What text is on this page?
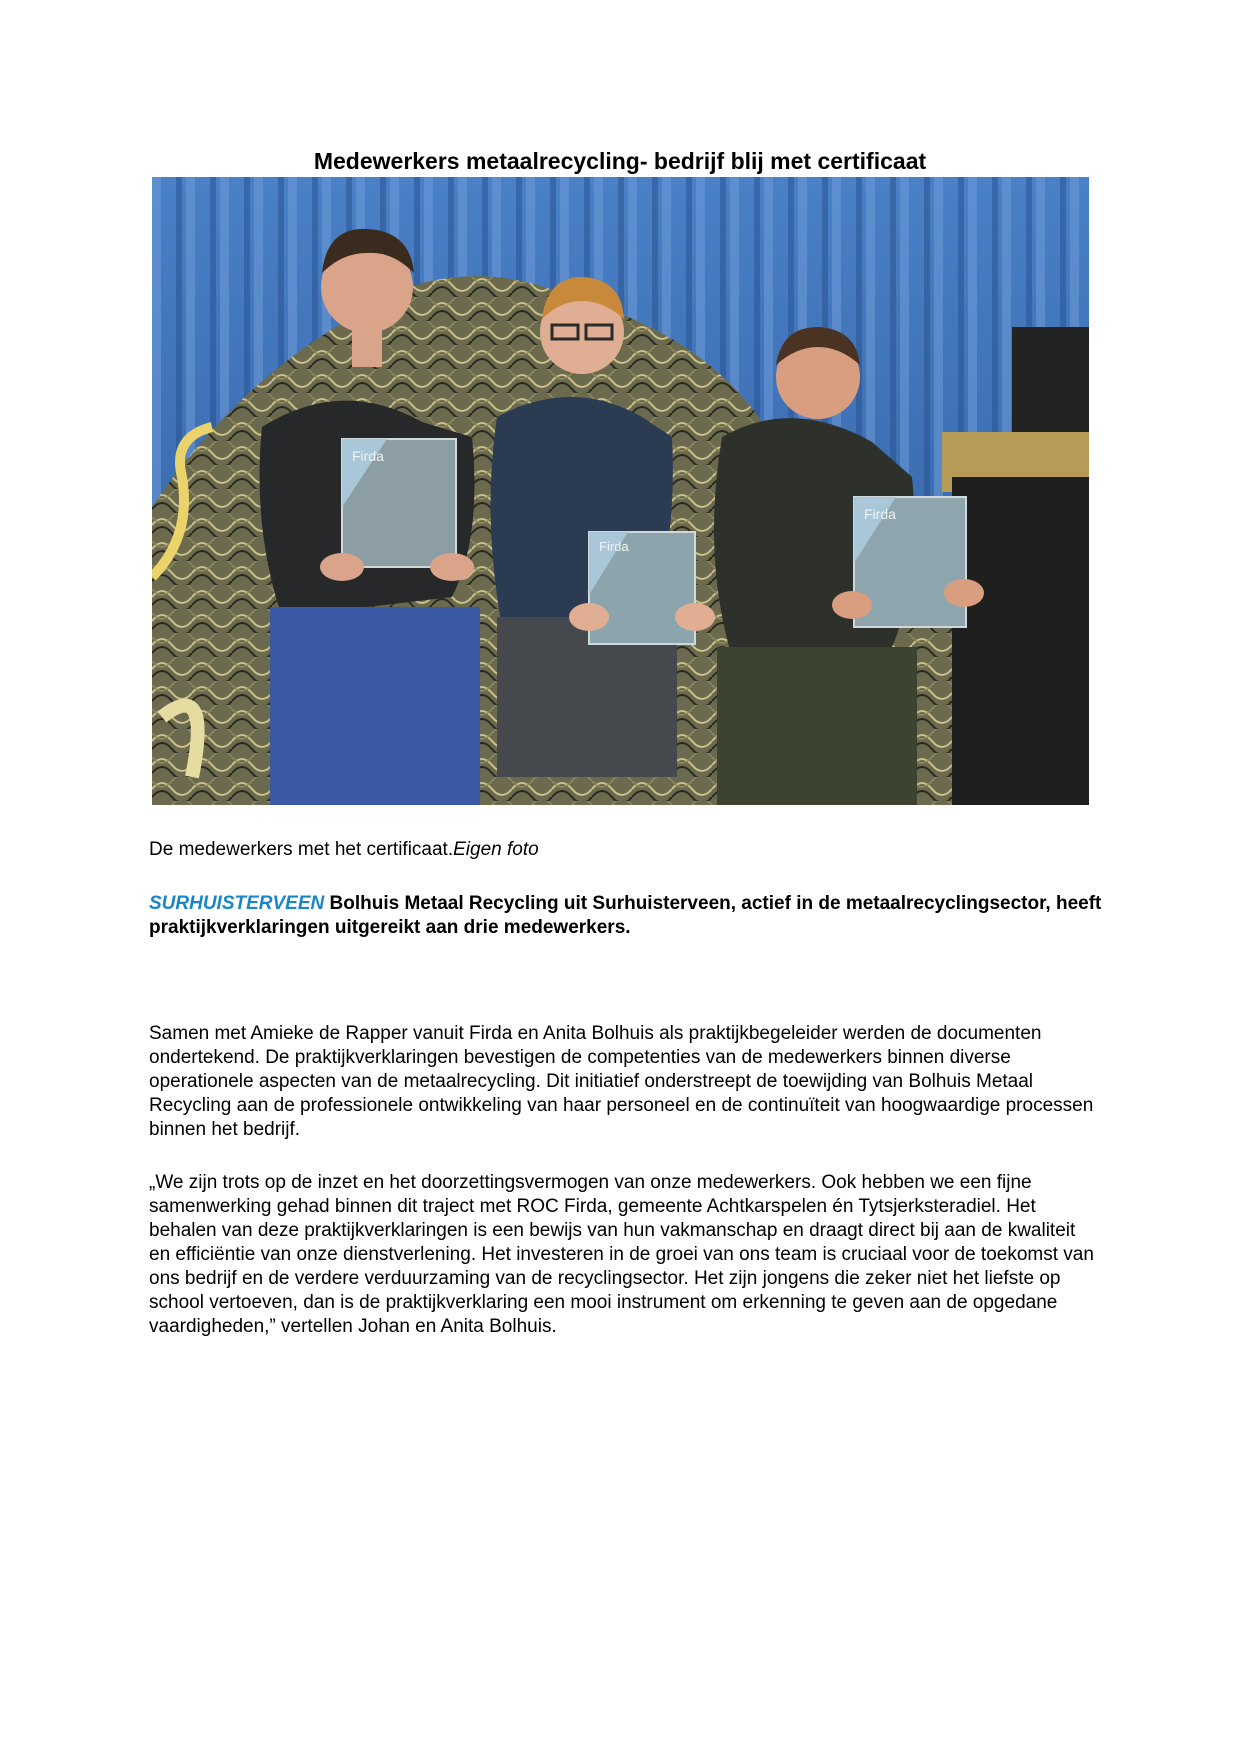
Medewerkers metaalrecycling- bedrijf blij met certificaat
Firda
Firda
Firda

De medewerkers met het certificaat.Eigen foto

SURHUISTERVEEN Bolhuis Metaal Recycling uit Surhuisterveen, actief in de metaalrecyclingsector, heeft praktijkverklaringen uitgereikt aan drie medewerkers.

Samen met Amieke de Rapper vanuit Firda en Anita Bolhuis als praktijkbegeleider werden de documenten ondertekend. De praktijkverklaringen bevestigen de competenties van de medewerkers binnen diverse operationele aspecten van de metaalrecycling. Dit initiatief onderstreept de toewijding van Bolhuis Metaal Recycling aan de professionele ontwikkeling van haar personeel en de continuïteit van hoogwaardige processen binnen het bedrijf.

„We zijn trots op de inzet en het doorzettingsvermogen van onze medewerkers. Ook hebben we een fijne samenwerking gehad binnen dit traject met ROC Firda, gemeente Achtkarspelen én Tytsjerksteradiel. Het behalen van deze praktijkverklaringen is een bewijs van hun vakmanschap en draagt direct bij aan de kwaliteit en efficiëntie van onze dienstverlening. Het investeren in de groei van ons team is cruciaal voor de toekomst van ons bedrijf en de verdere verduurzaming van de recyclingsector. Het zijn jongens die zeker niet het liefste op school vertoeven, dan is de praktijkverklaring een mooi instrument om erkenning te geven aan de opgedane vaardigheden,” vertellen Johan en Anita Bolhuis.
